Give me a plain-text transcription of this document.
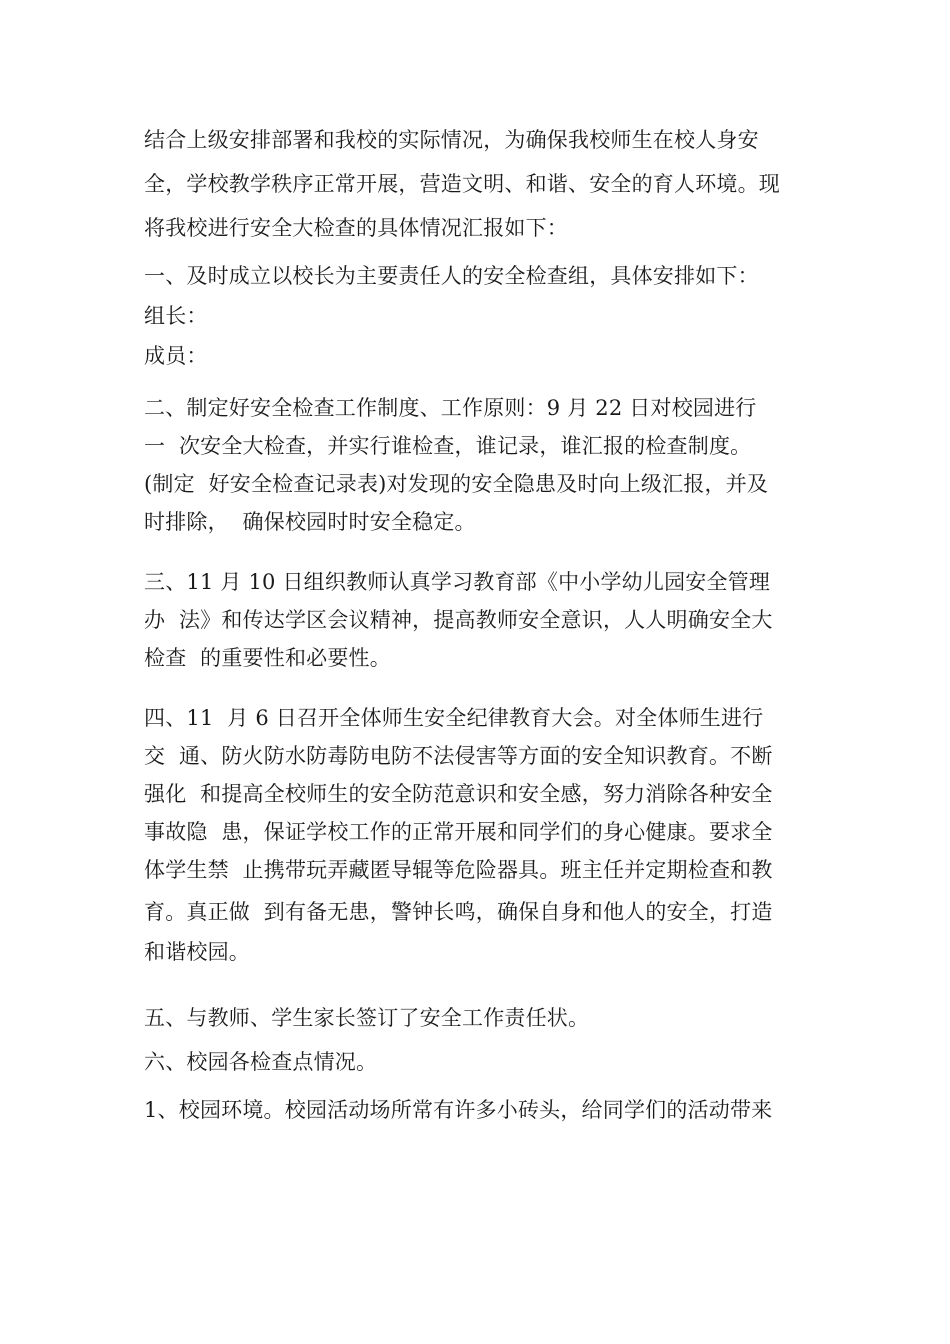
结合上级安排部署和我校的实际情况，为确保我校师生在校人身安
全，学校教学秩序正常开展，营造文明、和谐、安全的育人环境。现
将我校进行安全大检查的具体情况汇报如下：
一、及时成立以校长为主要责任人的安全检查组，具体安排如下：
组长：
成员：
二、制定好安全检查工作制度、工作原则：9 月 22 日对校园进行
一  次安全大检查，并实行谁检查，谁记录，谁汇报的检查制度。
(制定  好安全检查记录表)对发现的安全隐患及时向上级汇报，并及
时排除，  确保校园时时安全稳定。
三、11 月 10 日组织教师认真学习教育部《中小学幼儿园安全管理
办  法》和传达学区会议精神，提高教师安全意识，人人明确安全大
检查  的重要性和必要性。
四、11  月 6 日召开全体师生安全纪律教育大会。对全体师生进行
交  通、防火防水防毒防电防不法侵害等方面的安全知识教育。不断
强化  和提高全校师生的安全防范意识和安全感，努力消除各种安全
事故隐  患，保证学校工作的正常开展和同学们的身心健康。要求全
体学生禁  止携带玩弄藏匿导辊等危险器具。班主任并定期检查和教
育。真正做  到有备无患，警钟长鸣，确保自身和他人的安全，打造
和谐校园。
五、与教师、学生家长签订了安全工作责任状。
六、校园各检查点情况。
1、校园环境。校园活动场所常有许多小砖头，给同学们的活动带来
